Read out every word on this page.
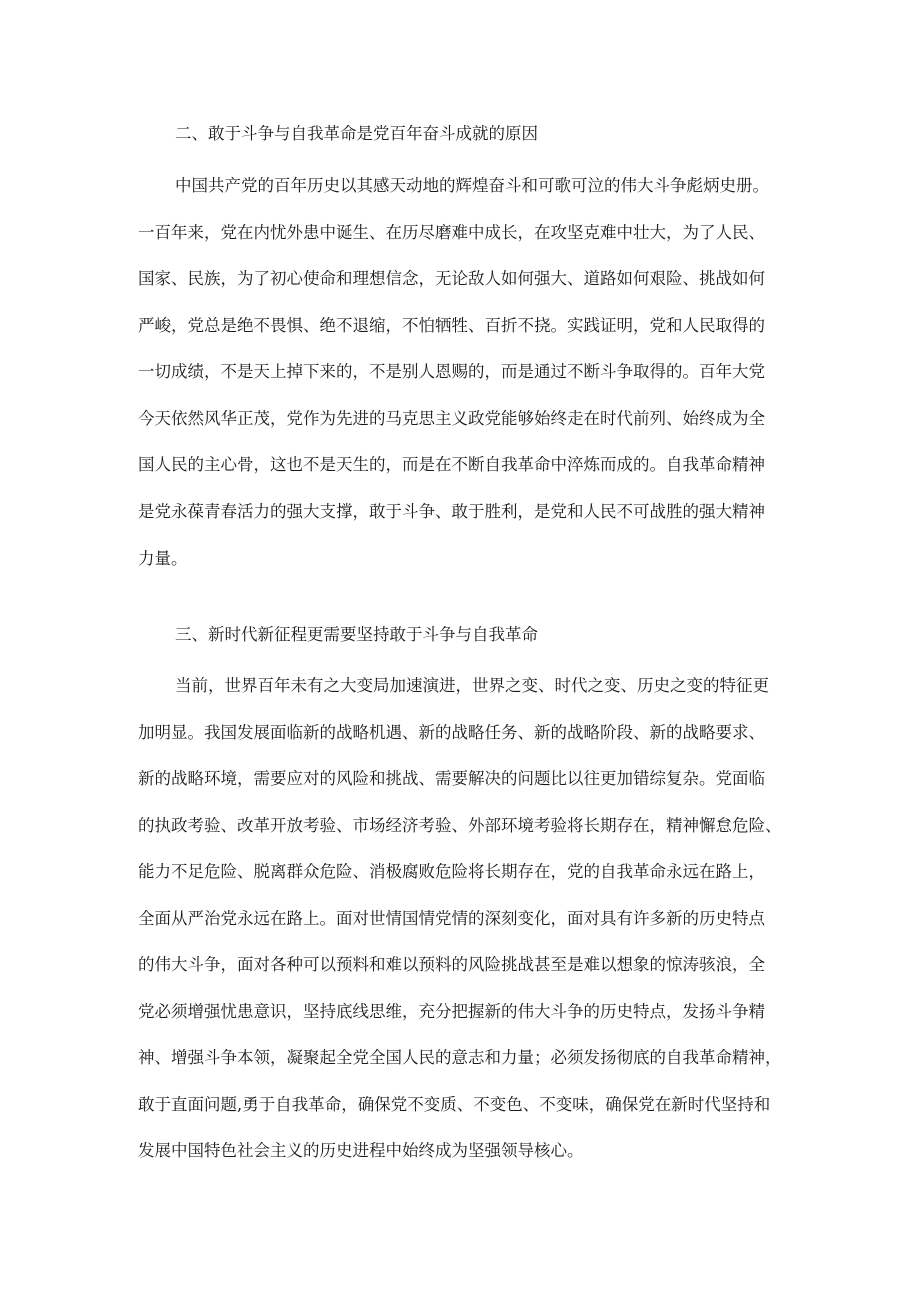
二、敢于斗争与自我革命是党百年奋斗成就的原因
中国共产党的百年历史以其感天动地的辉煌奋斗和可歌可泣的伟大斗争彪炳史册。
一百年来，党在内忧外患中诞生、在历尽磨难中成长，在攻坚克难中壮大，为了人民、
国家、民族，为了初心使命和理想信念，无论敌人如何强大、道路如何艰险、挑战如何
严峻，党总是绝不畏惧、绝不退缩，不怕牺牲、百折不挠。实践证明，党和人民取得的
一切成绩，不是天上掉下来的，不是别人恩赐的，而是通过不断斗争取得的。百年大党
今天依然风华正茂，党作为先进的马克思主义政党能够始终走在时代前列、始终成为全
国人民的主心骨，这也不是天生的，而是在不断自我革命中淬炼而成的。自我革命精神
是党永葆青春活力的强大支撑，敢于斗争、敢于胜利，是党和人民不可战胜的强大精神
力量。
三、新时代新征程更需要坚持敢于斗争与自我革命
当前，世界百年未有之大变局加速演进，世界之变、时代之变、历史之变的特征更
加明显。我国发展面临新的战略机遇、新的战略任务、新的战略阶段、新的战略要求、
新的战略环境，需要应对的风险和挑战、需要解决的问题比以往更加错综复杂。党面临
的执政考验、改革开放考验、市场经济考验、外部环境考验将长期存在，精神懈怠危险、
能力不足危险、脱离群众危险、消极腐败危险将长期存在，党的自我革命永远在路上，
全面从严治党永远在路上。面对世情国情党情的深刻变化，面对具有许多新的历史特点
的伟大斗争，面对各种可以预料和难以预料的风险挑战甚至是难以想象的惊涛骇浪，全
党必须增强忧患意识，坚持底线思维，充分把握新的伟大斗争的历史特点，发扬斗争精
神、增强斗争本领，凝聚起全党全国人民的意志和力量；必须发扬彻底的自我革命精神，
敢于直面问题,勇于自我革命，确保党不变质、不变色、不变味，确保党在新时代坚持和
发展中国特色社会主义的历史进程中始终成为坚强领导核心。
